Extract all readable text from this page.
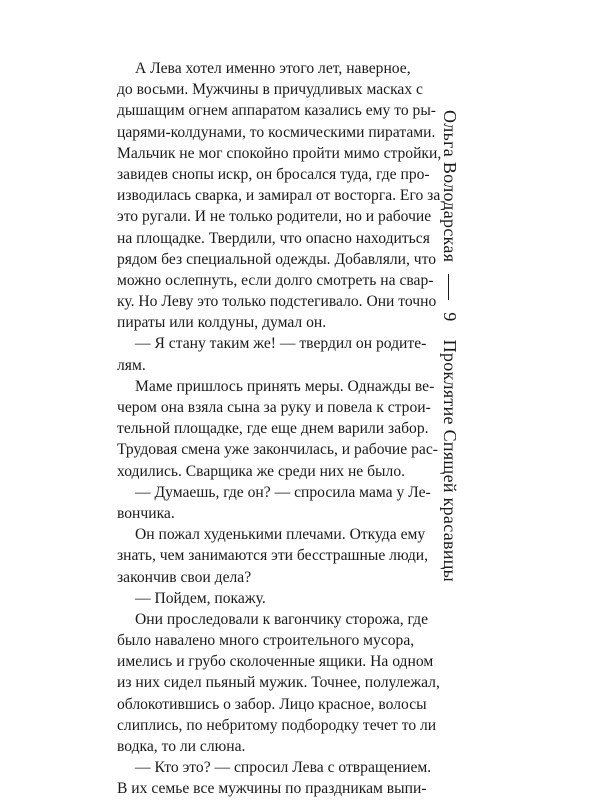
А Лева хотел именно этого лет, наверное,
до восьми. Мужчины в причудливых масках с
дышащим огнем аппаратом казались ему то ры-
царями-колдунами, то космическими пиратами.
Мальчик не мог спокойно пройти мимо стройки,
завидев снопы искр, он бросался туда, где про-
изводилась сварка, и замирал от восторга. Его за
это ругали. И не только родители, но и рабочие
на площадке. Твердили, что опасно находиться
рядом без специальной одежды. Добавляли, что
можно ослепнуть, если долго смотреть на свар-
ку. Но Леву это только подстегивало. Они точно
пираты или колдуны, думал он.
— Я стану таким же! — твердил он родите-
лям.
Маме пришлось принять меры. Однажды ве-
чером она взяла сына за руку и повела к строи-
тельной площадке, где еще днем варили забор.
Трудовая смена уже закончилась, и рабочие рас-
ходились. Сварщика же среди них не было.
— Думаешь, где он? — спросила мама у Ле-
вончика.
Он пожал худенькими плечами. Откуда ему
знать, чем занимаются эти бесстрашные люди,
закончив свои дела?
— Пойдем, покажу.
Они проследовали к вагончику сторожа, где
было навалено много строительного мусора,
имелись и грубо сколоченные ящики. На одном
из них сидел пьяный мужик. Точнее, полулежал,
облокотившись о забор. Лицо красное, волосы
слиплись, по небритому подбородку течет то ли
водка, то ли слюна.
— Кто это? — спросил Лева с отвращением.
В их семье все мужчины по праздникам выпи-
Ольга Володарская
9
Проклятие Спящей красавицы
